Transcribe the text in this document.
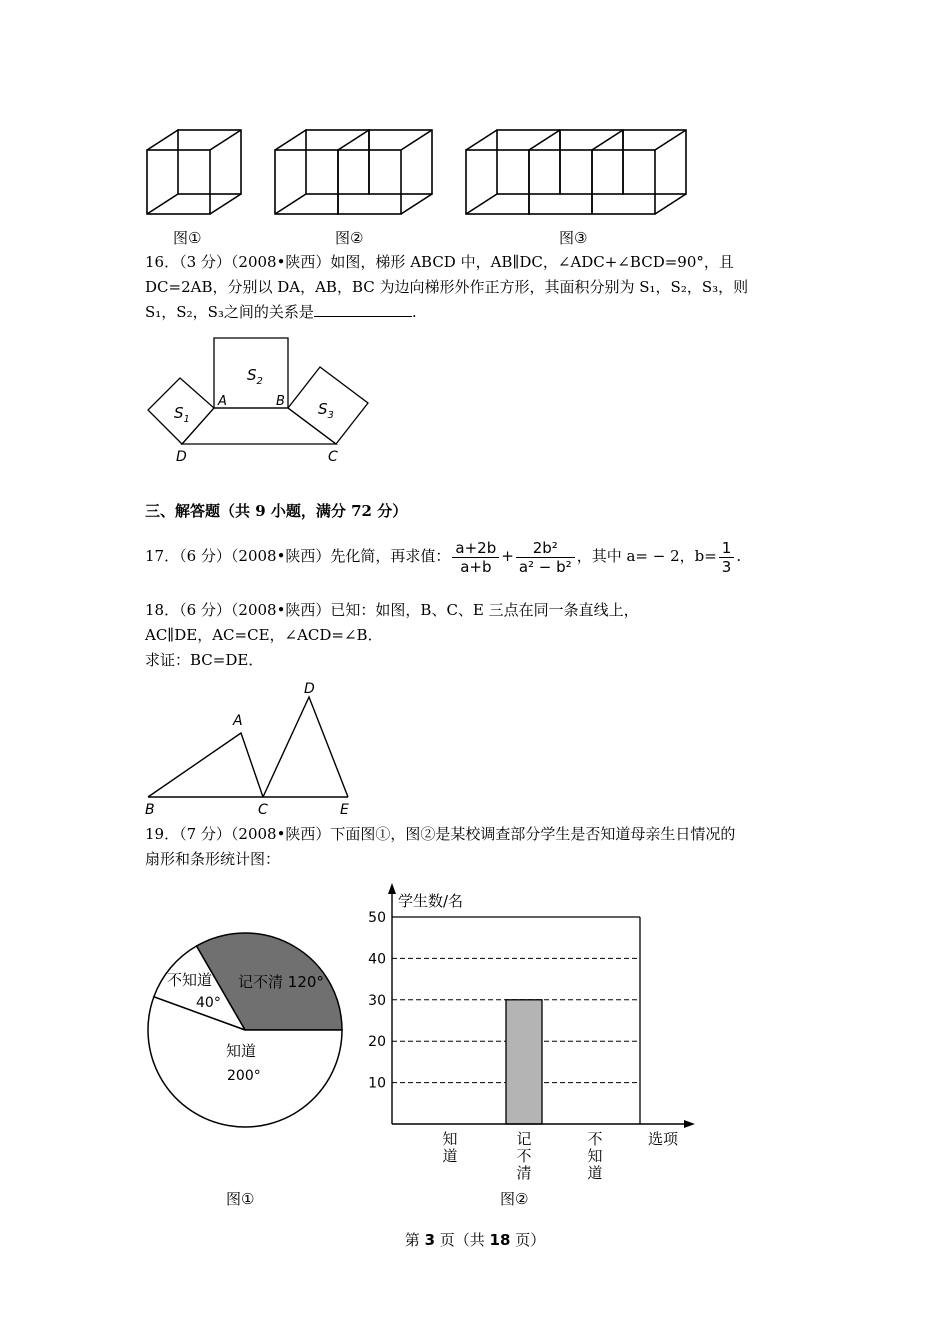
图①	图②	图③
16．（3 分）（2008•陕西）如图，梯形 ABCD 中，AB∥DC，∠ADC+∠BCD=90°，且
DC=2AB，分别以 DA，AB，BC 为边向梯形外作正方形，其面积分别为 S₁，S₂，S₃，则
S₁，S₂，S₃之间的关系是	.
$S_2$
$S_1$
$S_3$
A	B
D	C
三、解答题（共 9 小题，满分 72 分）
17．（6 分）（2008•陕西）先化简，再求值： $\frac{a+2b}{a+b} + \frac{\text{2b²}}{\text{a² − b²}}$ ，其中 a= − 2，$b= \frac{1}{3}$ .
18．（6 分）（2008•陕西）已知：如图，B、C、E 三点在同一条直线上，
AC∥DE，AC=CE，∠ACD=∠B．
求证：BC=DE．
A
B	C
D
E
19．（7 分）（2008•陕西）下面图①，图②是某校调查部分学生是否知道母亲生日情况的
扇形和条形统计图：
记不清 120°
不知道
40°
知道
200°
图①
10
20
30
40
50
知道
记不清
不知道
学生数/名
选项
图②
第 3 页（共 18 页）
